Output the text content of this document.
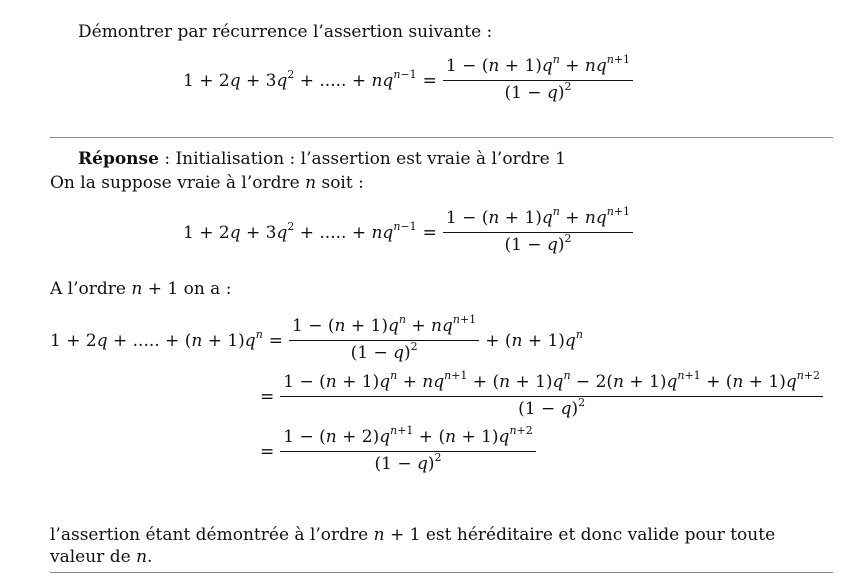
Démontrer par récurrence l’assertion suivante :
$1 + 2q + 3q^2$ + ..... + $nq^{n-1} = \frac{1 - (n + 1)q^n + nq^{n+1}}{(1 - q)^2}$
Réponse : Initialisation : l’assertion est vraie à l’ordre 1
On la suppose vraie à l’ordre n soit :
$1 + 2q + 3q^2$ + ..... + $nq^{n-1} = \frac{1 - (n + 1)q^n + nq^{n+1}}{(1 - q)^2}$
A l’ordre n + 1 on a :
1 + 2q + ..... + $(n + 1)q^n = \frac{1 - (n + 1)q^n + nq^{n+1}}{(1 - q)^2} + (n + 1)q^n$
=
$1 - (n + 1)q^n + nq^{n+1} + (n + 1)q^n - 2(n + 1)q^{n+1} + (n + 1)q^{n+2}$
$(1 - q)^2$
= $\frac{1 - (n + 2)q^{n+1} + (n + 1)q^{n+2}}{(1 - q)^2}$
l’assertion étant démontrée à l’ordre n + 1 est héréditaire et donc valide pour toute
valeur de n.
